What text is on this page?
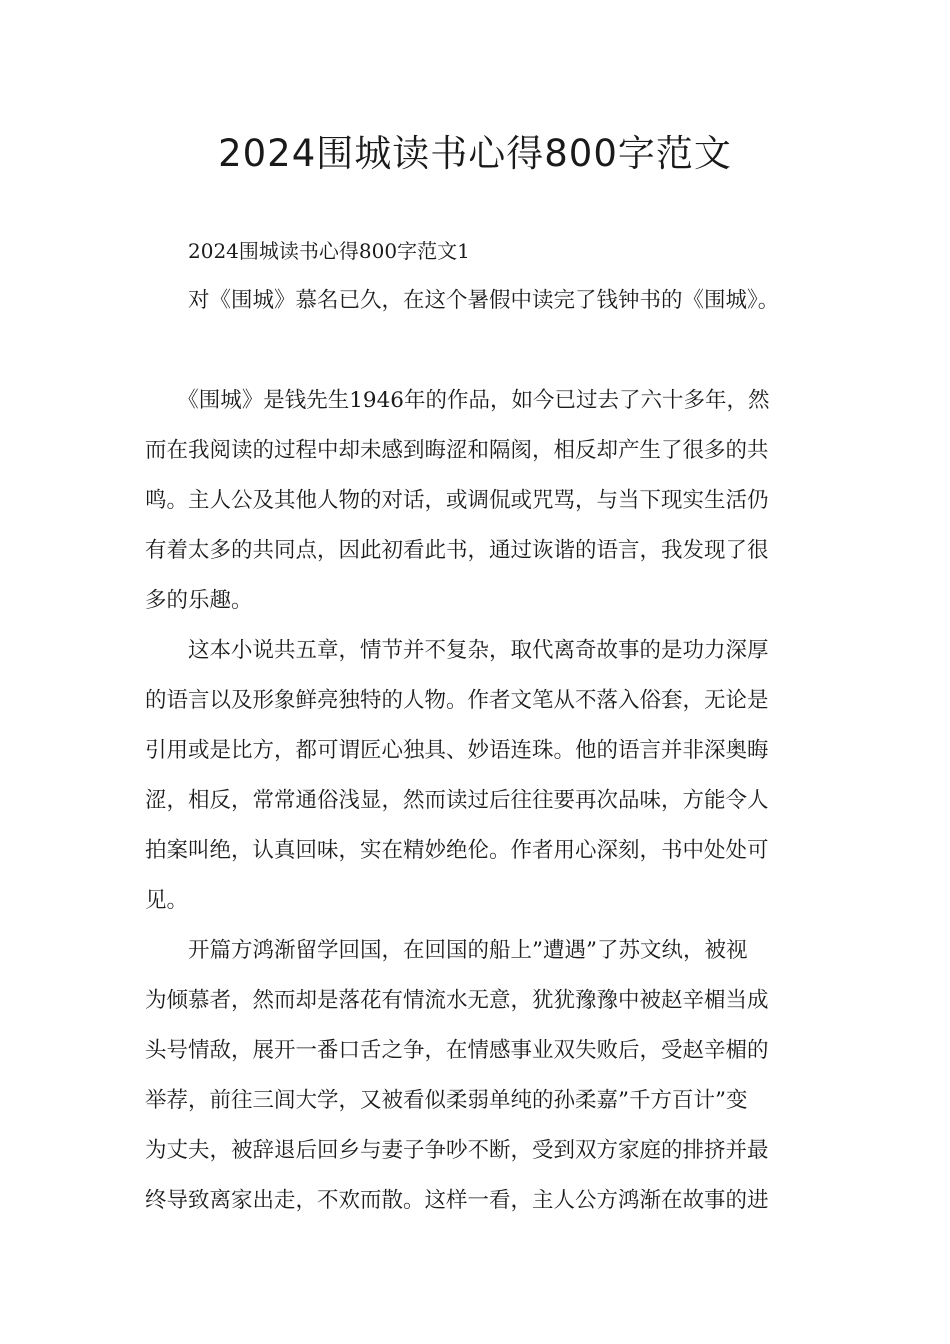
2024围城读书心得800字范文

2024围城读书心得800字范文1

　　对《围城》慕名已久，在这个暑假中读完了钱钟书的《围城》。

　　《围城》是钱先生1946年的作品，如今已过去了六十多年，然

而在我阅读的过程中却未感到晦涩和隔阂，相反却产生了很多的共

鸣。主人公及其他人物的对话，或调侃或咒骂，与当下现实生活仍

有着太多的共同点，因此初看此书，通过诙谐的语言，我发现了很

多的乐趣。

　　这本小说共五章，情节并不复杂，取代离奇故事的是功力深厚

的语言以及形象鲜亮独特的人物。作者文笔从不落入俗套，无论是

引用或是比方，都可谓匠心独具、妙语连珠。他的语言并非深奥晦

涩，相反，常常通俗浅显，然而读过后往往要再次品味，方能令人

拍案叫绝，认真回味，实在精妙绝伦。作者用心深刻，书中处处可

见。

　　开篇方鸿渐留学回国，在回国的船上”遭遇”了苏文纨，被视

为倾慕者，然而却是落花有情流水无意，犹犹豫豫中被赵辛楣当成

头号情敌，展开一番口舌之争，在情感事业双失败后，受赵辛楣的

举荐，前往三闾大学，又被看似柔弱单纯的孙柔嘉”千方百计”变

为丈夫，被辞退后回乡与妻子争吵不断，受到双方家庭的排挤并最

终导致离家出走，不欢而散。这样一看，主人公方鸿渐在故事的进
